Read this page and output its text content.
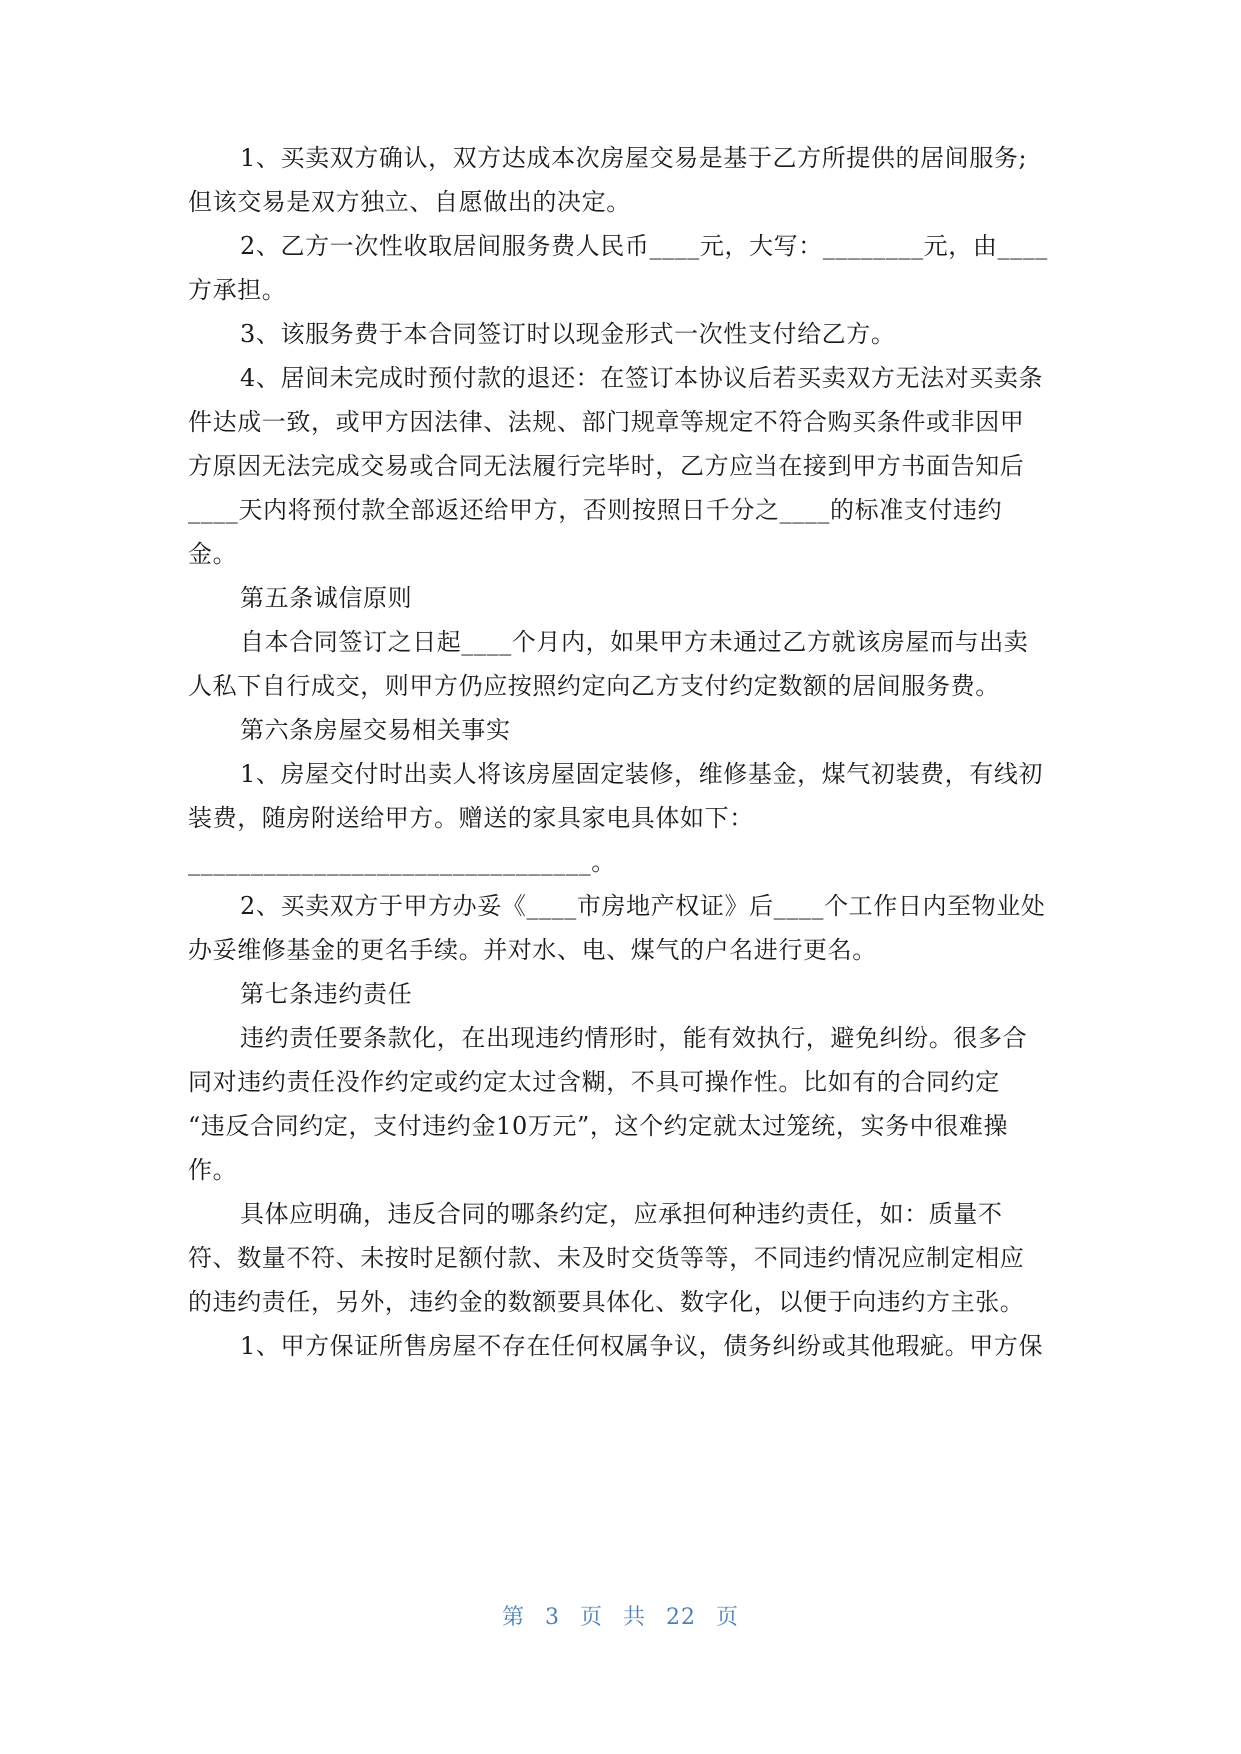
1、买卖双方确认，双方达成本次房屋交易是基于乙方所提供的居间服务;
但该交易是双方独立、自愿做出的决定。
2、乙方一次性收取居间服务费人民币____元，大写：________元，由____
方承担。
3、该服务费于本合同签订时以现金形式一次性支付给乙方。
4、居间未完成时预付款的退还：在签订本协议后若买卖双方无法对买卖条
件达成一致，或甲方因法律、法规、部门规章等规定不符合购买条件或非因甲
方原因无法完成交易或合同无法履行完毕时，乙方应当在接到甲方书面告知后
____天内将预付款全部返还给甲方，否则按照日千分之____的标准支付违约
金。
第五条诚信原则
自本合同签订之日起____个月内，如果甲方未通过乙方就该房屋而与出卖
人私下自行成交，则甲方仍应按照约定向乙方支付约定数额的居间服务费。
第六条房屋交易相关事实
1、房屋交付时出卖人将该房屋固定装修，维修基金，煤气初装费，有线初
装费，随房附送给甲方。赠送的家具家电具体如下：
________________________________。
2、买卖双方于甲方办妥《____市房地产权证》后____个工作日内至物业处
办妥维修基金的更名手续。并对水、电、煤气的户名进行更名。
第七条违约责任
违约责任要条款化，在出现违约情形时，能有效执行，避免纠纷。很多合
同对违约责任没作约定或约定太过含糊，不具可操作性。比如有的合同约定
“违反合同约定，支付违约金10万元”，这个约定就太过笼统，实务中很难操
作。
具体应明确，违反合同的哪条约定，应承担何种违约责任，如：质量不
符、数量不符、未按时足额付款、未及时交货等等，不同违约情况应制定相应
的违约责任，另外，违约金的数额要具体化、数字化，以便于向违约方主张。
1、甲方保证所售房屋不存在任何权属争议，债务纠纷或其他瑕疵。甲方保
第 3 页 共 22 页
